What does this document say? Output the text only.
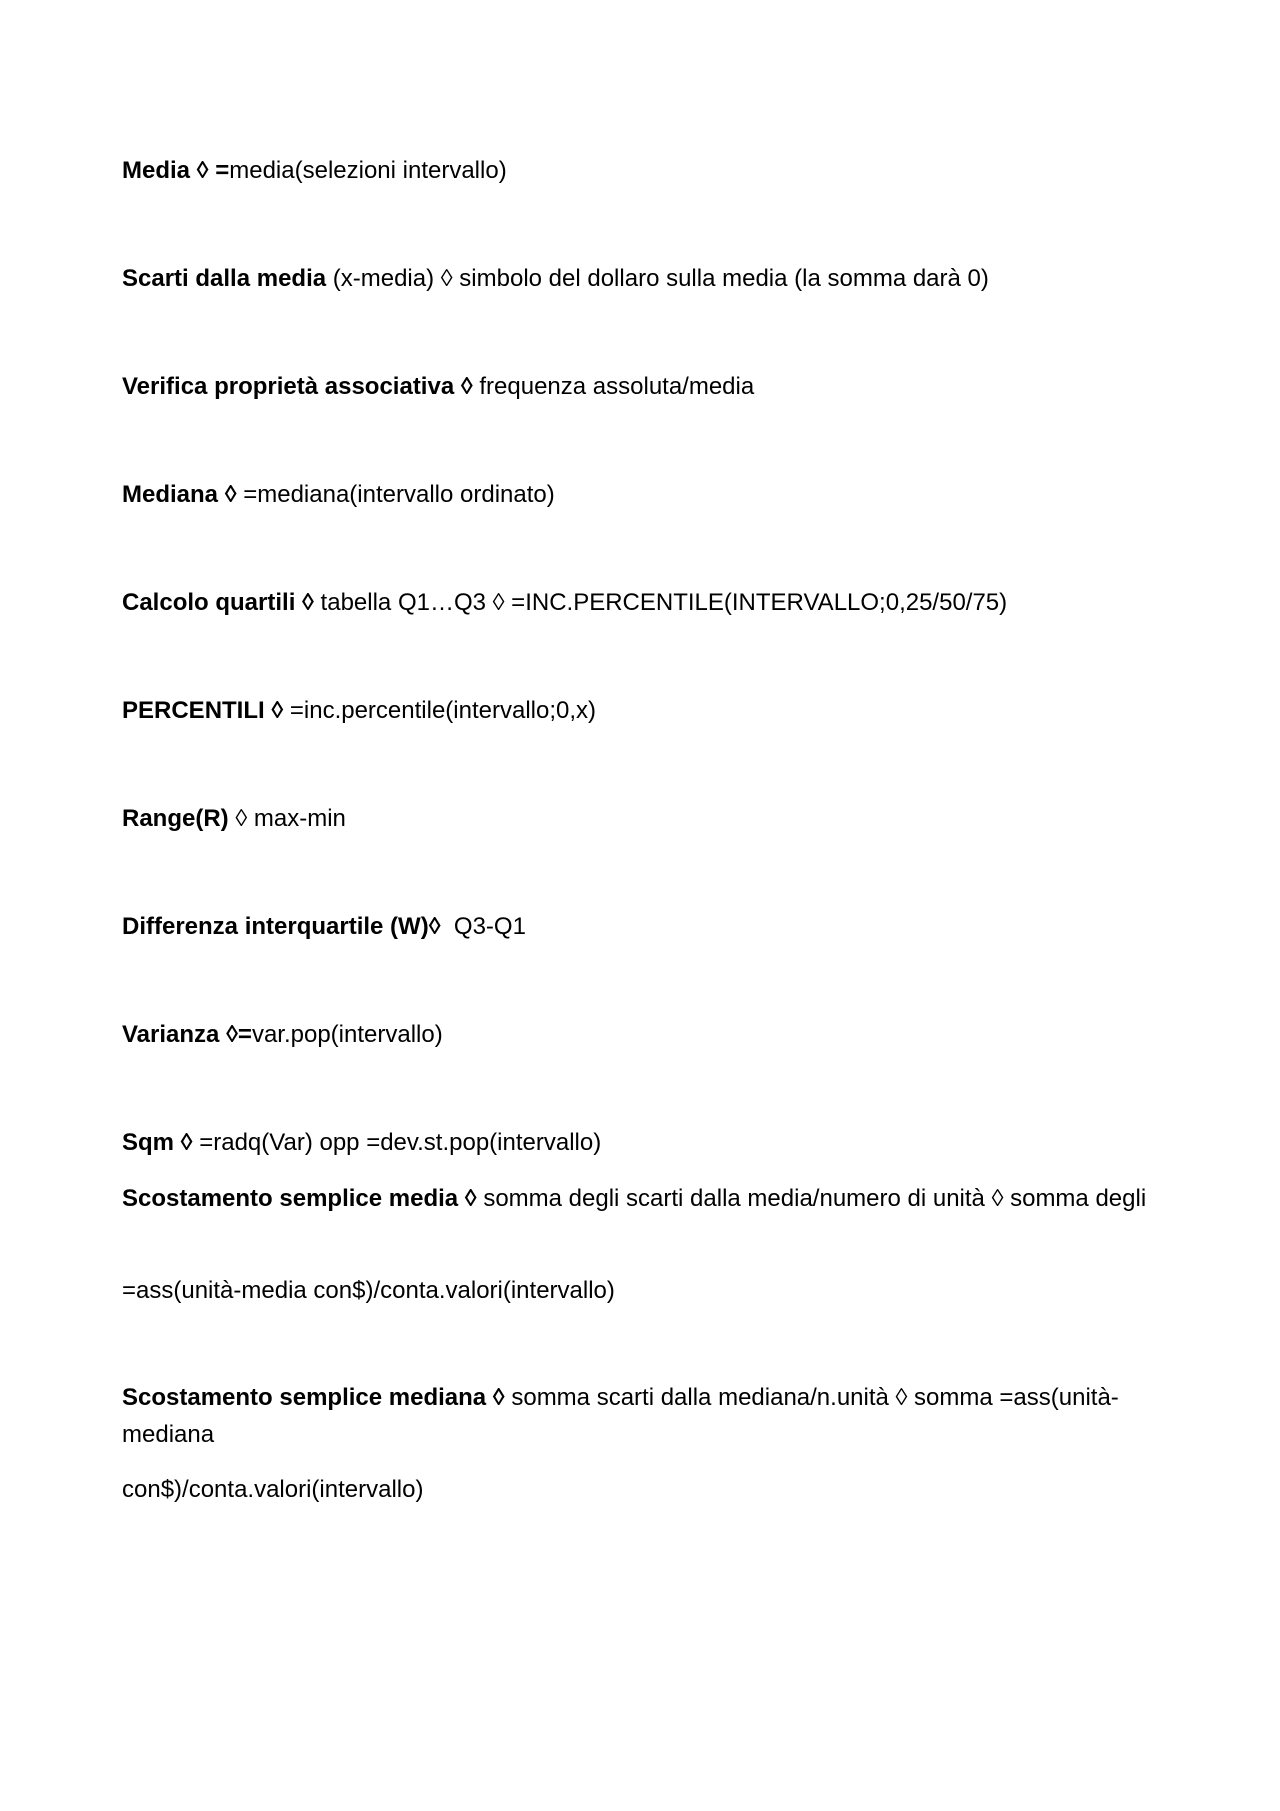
Media ◊ =media(selezioni intervallo)
Scarti dalla media (x-media) ◊ simbolo del dollaro sulla media (la somma darà 0)
Verifica proprietà associativa ◊ frequenza assoluta/media
Mediana ◊ =mediana(intervallo ordinato)
Calcolo quartili ◊ tabella Q1…Q3 ◊ =INC.PERCENTILE(INTERVALLO;0,25/50/75)
PERCENTILI ◊ =inc.percentile(intervallo;0,x)
Range(R) ◊ max-min
Differenza interquartile (W)◊  Q3-Q1
Varianza ◊=var.pop(intervallo)
Sqm ◊ =radq(Var) opp =dev.st.pop(intervallo)
Scostamento semplice media ◊ somma degli scarti dalla media/numero di unità ◊ somma degli
=ass(unità-media con$)/conta.valori(intervallo)
Scostamento semplice mediana ◊ somma scarti dalla mediana/n.unità ◊ somma =ass(unità-mediana
con$)/conta.valori(intervallo)
